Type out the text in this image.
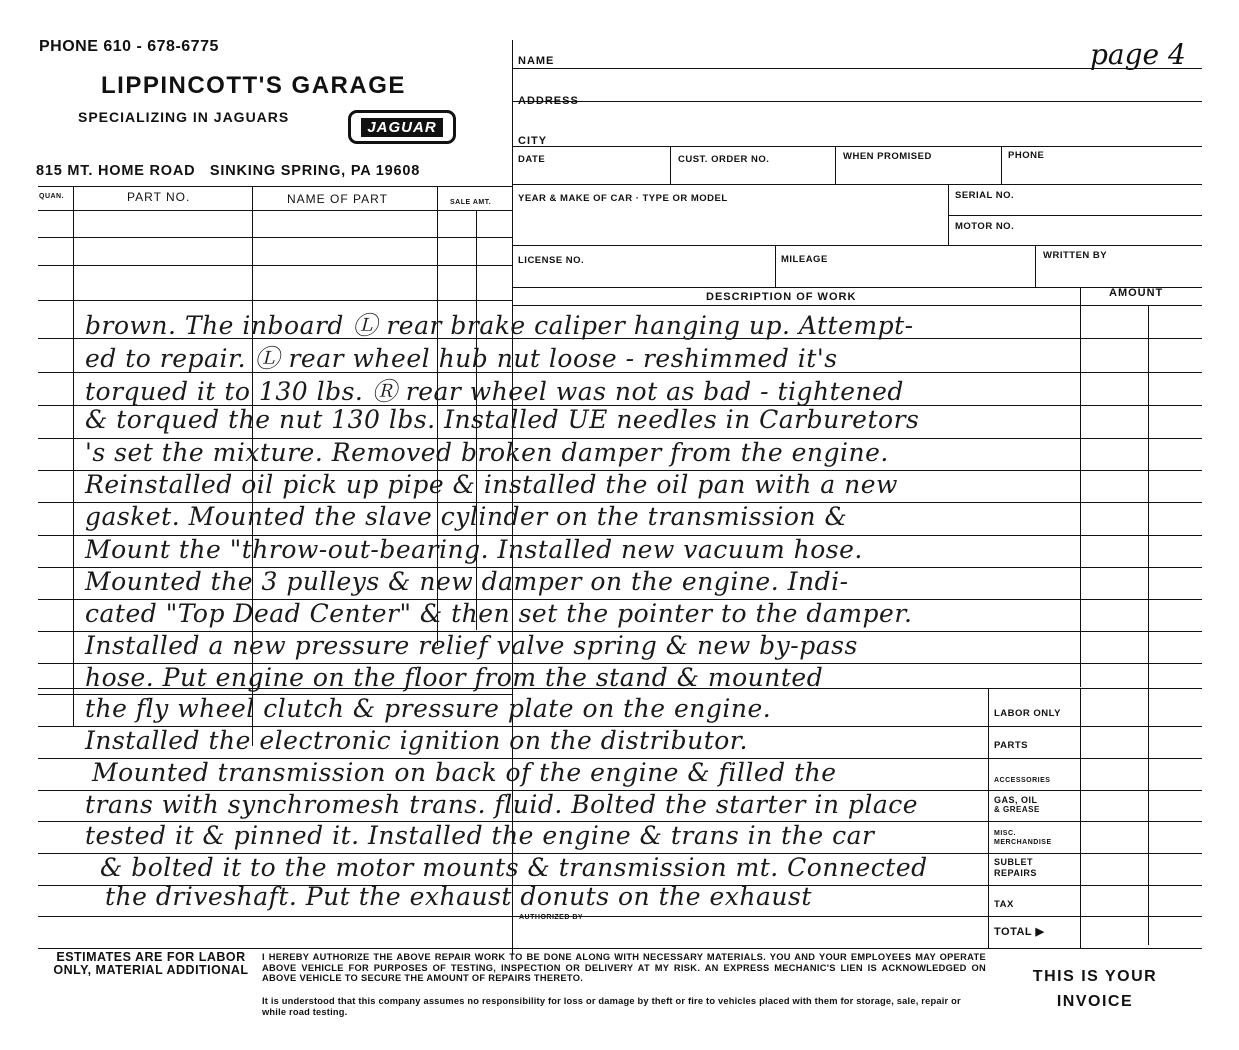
PHONE 610 - 678-6775
LIPPINCOTT'S GARAGE
SPECIALIZING IN JAGUARS
JAGUAR
815 MT. HOME ROAD   SINKING SPRING, PA 19608
page 4
NAME
ADDRESS
CITY
DATE	CUST. ORDER NO.	WHEN PROMISED	PHONE
YEAR & MAKE OF CAR · TYPE OR MODEL	SERIAL NO.
MOTOR NO.
LICENSE NO.	MILEAGE	WRITTEN BY
QUAN.	PART NO.	NAME OF PART	SALE AMT.
DESCRIPTION OF WORK	AMOUNT
brown. The inboard Ⓛ rear brake caliper hanging up. Attempt-
ed to repair. Ⓛ rear wheel hub nut loose - reshimmed it's
torqued it to 130 lbs. Ⓡ rear wheel was not as bad - tightened
& torqued the nut 130 lbs. Installed UE needles in Carburetors
's set the mixture. Removed broken damper from the engine.
Reinstalled oil pick up pipe & installed the oil pan with a new
gasket. Mounted the slave cylinder on the transmission &
Mount the "throw-out-bearing. Installed new vacuum hose.
Mounted the 3 pulleys & new damper on the engine. Indi-
cated "Top Dead Center" & then set the pointer to the damper.
Installed a new pressure relief valve spring & new by-pass
hose. Put engine on the floor from the stand & mounted
the fly wheel clutch & pressure plate on the engine.
Installed the electronic ignition on the distributor.
Mounted transmission on back of the engine & filled the
trans with synchromesh trans. fluid. Bolted the starter in place
tested it & pinned it. Installed the engine & trans in the car
& bolted it to the motor mounts & transmission mt. Connected
the driveshaft. Put the exhaust donuts on the exhaust
AUTHORIZED BY
LABOR ONLY
PARTS
ACCESSORIES
GAS, OIL
& GREASE
MISC.
MERCHANDISE
SUBLET
REPAIRS
TAX
TOTAL ▶
ESTIMATES ARE FOR LABOR ONLY, MATERIAL ADDITIONAL
I HEREBY AUTHORIZE THE ABOVE REPAIR WORK TO BE DONE ALONG WITH NECESSARY MATERIALS. YOU AND YOUR EMPLOYEES MAY OPERATE ABOVE VEHICLE FOR PURPOSES OF TESTING, INSPECTION OR DELIVERY AT MY RISK. AN EXPRESS MECHANIC'S LIEN IS ACKNOWLEDGED ON ABOVE VEHICLE TO SECURE THE AMOUNT OF REPAIRS THERETO.
It is understood that this company assumes no responsibility for loss or damage by theft or fire to vehicles placed with them for storage, sale, repair or while road testing.
THIS IS YOUR
INVOICE
